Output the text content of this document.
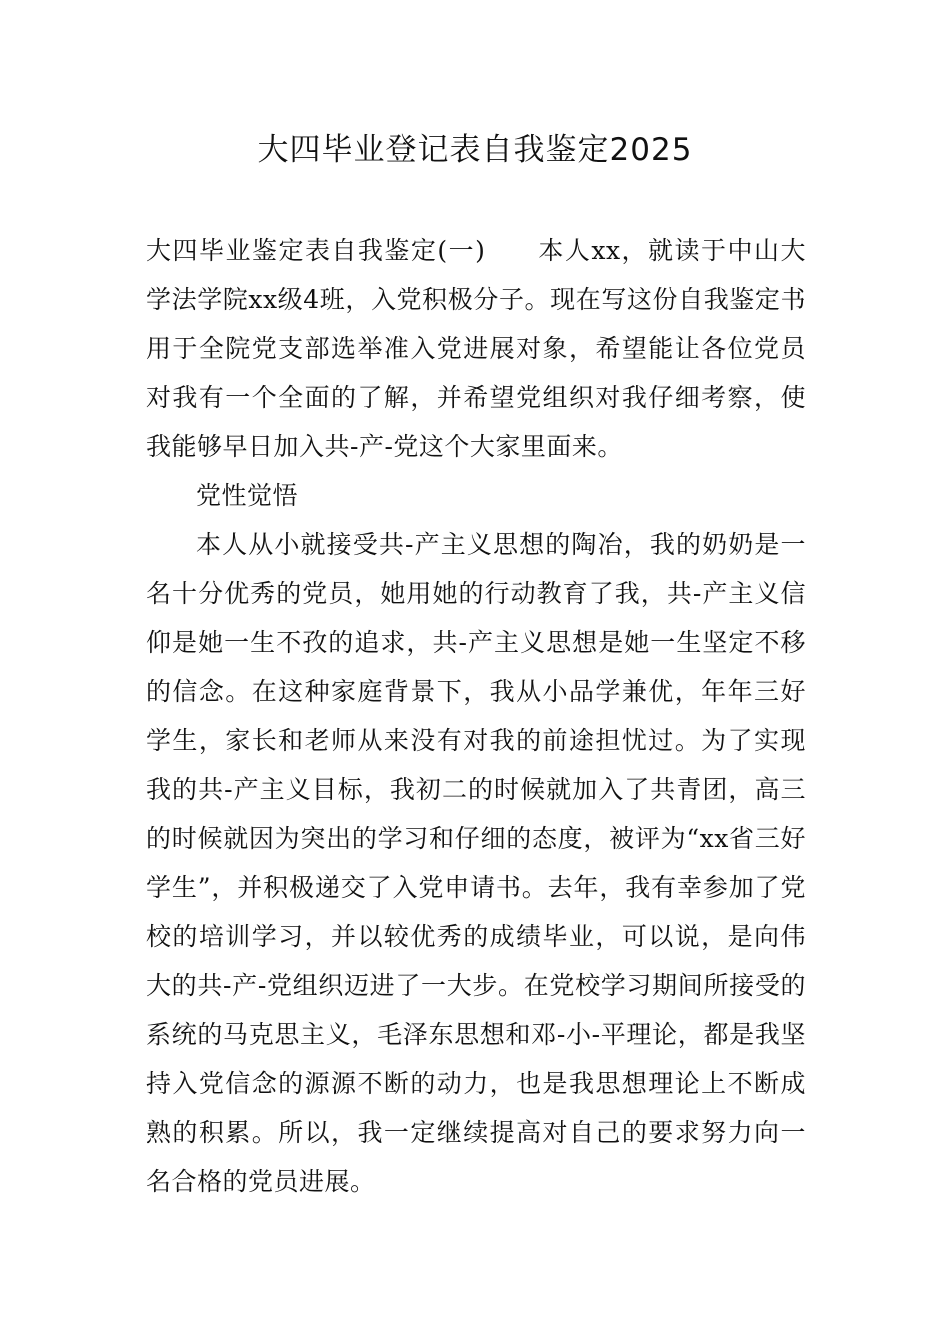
大四毕业登记表自我鉴定2025

大四毕业鉴定表自我鉴定(一) 本人xx，就读于中山大学法学院xx级4班，入党积极分子。现在写这份自我鉴定书用于全院党支部选举准入党进展对象，希望能让各位党员对我有一个全面的了解，并希望党组织对我仔细考察，使我能够早日加入共-产-党这个大家里面来。

党性觉悟

本人从小就接受共-产主义思想的陶冶，我的奶奶是一名十分优秀的党员，她用她的行动教育了我，共-产主义信仰是她一生不孜的追求，共-产主义思想是她一生坚定不移的信念。在这种家庭背景下，我从小品学兼优，年年三好学生，家长和老师从来没有对我的前途担忧过。为了实现我的共-产主义目标，我初二的时候就加入了共青团，高三的时候就因为突出的学习和仔细的态度，被评为“xx省三好学生”，并积极递交了入党申请书。去年，我有幸参加了党校的培训学习，并以较优秀的成绩毕业，可以说，是向伟大的共-产-党组织迈进了一大步。在党校学习期间所接受的系统的马克思主义，毛泽东思想和邓-小-平理论，都是我坚持入党信念的源源不断的动力，也是我思想理论上不断成熟的积累。所以，我一定继续提高对自己的要求努力向一名合格的党员进展。
